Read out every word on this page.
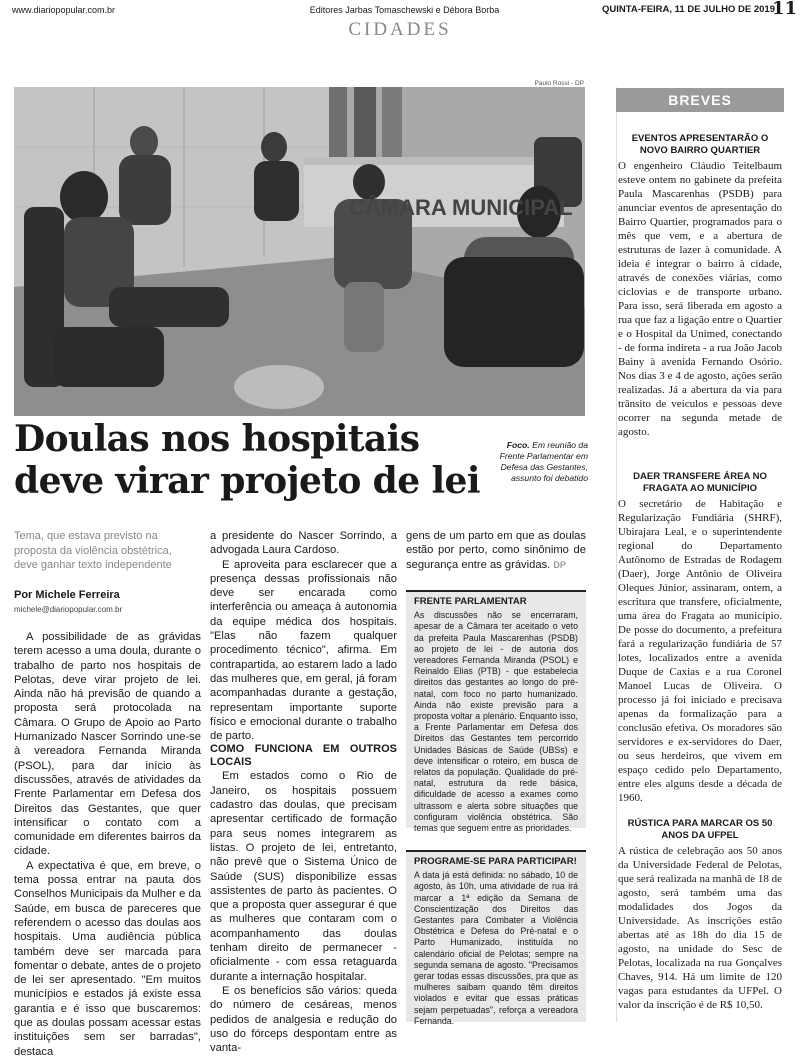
www.diariopopular.com.br	Editores Jarbas Tomaschewski e Débora Borba	QUINTA-FEIRA, 11 DE JULHO DE 2019
11
CIDADES
Paulo Rossi - DP
CÂMARA MUNICIPAL
Doulas nos hospitais
deve virar projeto de lei
Foco. Em reunião da Frente Parlamentar em Defesa das Gestantes, assunto foi debatido
Tema, que estava previsto na proposta da violência obstétrica, deve ganhar texto independente
Por Michele Ferreira
michele@diariopopular.com.br

A possibilidade de as grávidas terem acesso a uma doula, durante o trabalho de parto nos hospitais de Pelotas, deve virar projeto de lei. Ainda não há previsão de quando a proposta será protocolada na Câmara. O Grupo de Apoio ao Parto Humanizado Nascer Sorrindo une-se à vereadora Fernanda Miranda (PSOL), para dar início às discussões, através de atividades da Frente Parlamentar em Defesa dos Direitos das Gestantes, que quer intensificar o contato com a comunidade em diferentes bairros da cidade.

A expectativa é que, em breve, o tema possa entrar na pauta dos Conselhos Municipais da Mulher e da Saúde, em busca de pareceres que referendem o acesso das doulas aos hospitais. Uma audiência pública também deve ser marcada para fomentar o debate, antes de o projeto de lei ser apresentado. "Em muitos municípios e estados já existe essa garantia e é isso que buscaremos: que as doulas possam acessar estas instituições sem ser barradas", destaca

a presidente do Nascer Sorrindo, a advogada Laura Cardoso.

E aproveita para esclarecer que a presença dessas profissionais não deve ser encarada como interferência ou ameaça à autonomia da equipe médica dos hospitais. "Elas não fazem qualquer procedimento técnico", afirma. Em contrapartida, ao estarem lado a lado das mulheres que, em geral, já foram acompanhadas durante a gestação, representam importante suporte físico e emocional durante o trabalho de parto.

COMO FUNCIONA EM OUTROS LOCAIS

Em estados como o Rio de Janeiro, os hospitais possuem cadastro das doulas, que precisam apresentar certificado de formação para seus nomes integrarem as listas. O projeto de lei, entretanto, não prevê que o Sistema Único de Saúde (SUS) disponibilize essas assistentes de parto às pacientes. O que a proposta quer assegurar é que as mulheres que contaram com o acompanhamento das doulas tenham direito de permanecer - oficialmente - com essa retaguarda durante a internação hospitalar.

E os benefícios são vários: queda do número de cesáreas, menos pedidos de analgesia e redução do uso do fórceps despontam entre as vanta-

gens de um parto em que as doulas estão por perto, como sinônimo de segurança entre as grávidas. DP

FRENTE PARLAMENTAR
As discussões não se encerraram, apesar de a Câmara ter aceitado o veto da prefeita Paula Mascarenhas (PSDB) ao projeto de lei - de autoria dos vereadores Fernanda Miranda (PSOL) e Reinaldo Elias (PTB) - que estabelecia direitos das gestantes ao longo do pré-natal, com foco no parto humanizado. Ainda não existe previsão para a proposta voltar a plenário. Enquanto isso, a Frente Parlamentar em Defesa dos Direitos das Gestantes tem percorrido Unidades Básicas de Saúde (UBSs) e deve intensificar o roteiro, em busca de relatos da população. Qualidade do pré-natal, estrutura da rede básica, dificuldade de acesso a exames como ultrassom e alerta sobre situações que configuram violência obstétrica. São temas que seguem entre as prioridades.
PROGRAME-SE PARA PARTICIPAR!
A data já está definida: no sábado, 10 de agosto, às 10h, uma atividade de rua irá marcar a 1ª edição da Semana de Conscientização dos Direitos das Gestantes para Combater a Violência Obstétrica e Defesa do Pré-natal e o Parto Humanizado, instituída no calendário oficial de Pelotas; sempre na segunda semana de agosto. "Precisamos gerar todas essas discussões, pra que as mulheres saibam quando têm direitos violados e evitar que essas práticas sejam perpetuadas", reforça a vereadora Fernanda.
BREVES
EVENTOS APRESENTARÃO O NOVO BAIRRO QUARTIER
O engenheiro Cláudio Teitelbaum esteve ontem no gabinete da prefeita Paula Mascarenhas (PSDB) para anunciar eventos de apresentação do Bairro Quartier, programados para o mês que vem, e a abertura de estruturas de lazer à comunidade. A ideia é integrar o bairro à cidade, através de conexões viárias, como ciclovias e de transporte urbano. Para isso, será liberada em agosto a rua que faz a ligação entre o Quartier e o Hospital da Unimed, conectando - de forma indireta - a rua João Jacob Bainy à avenida Fernando Osório. Nos dias 3 e 4 de agosto, ações serão realizadas. Já a abertura da via para trânsito de veículos e pessoas deve ocorrer na segunda metade de agosto.
DAER TRANSFERE ÁREA NO FRAGATA AO MUNICÍPIO
O secretário de Habitação e Regularização Fundiária (SHRF), Ubirajara Leal, e o superintendente regional do Departamento Autônomo de Estradas de Rodagem (Daer), Jorge Antônio de Oliveira Oleques Júnior, assinaram, ontem, a escritura que transfere, oficialmente, uma área do Fragata ao município. De posse do documento, a prefeitura fará a regularização fundiária de 57 lotes, localizados entre a avenida Duque de Caxias e a rua Coronel Manoel Lucas de Oliveira. O processo já foi iniciado e precisava apenas da formalização para a conclusão efetiva. Os moradores são servidores e ex-servidores do Daer, ou seus herdeiros, que vivem em espaço cedido pelo Departamento, entre eles alguns desde a década de 1960.
RÚSTICA PARA MARCAR OS 50 ANOS DA UFPEL
A rústica de celebração aos 50 anos da Universidade Federal de Pelotas, que será realizada na manhã de 18 de agosto, será também uma das modalidades dos Jogos da Universidade. As inscrições estão abertas até as 18h do dia 15 de agosto, na unidade do Sesc de Pelotas, localizada na rua Gonçalves Chaves, 914. Há um limite de 120 vagas para estudantes da UFPel. O valor da inscrição é de R$ 10,50.
